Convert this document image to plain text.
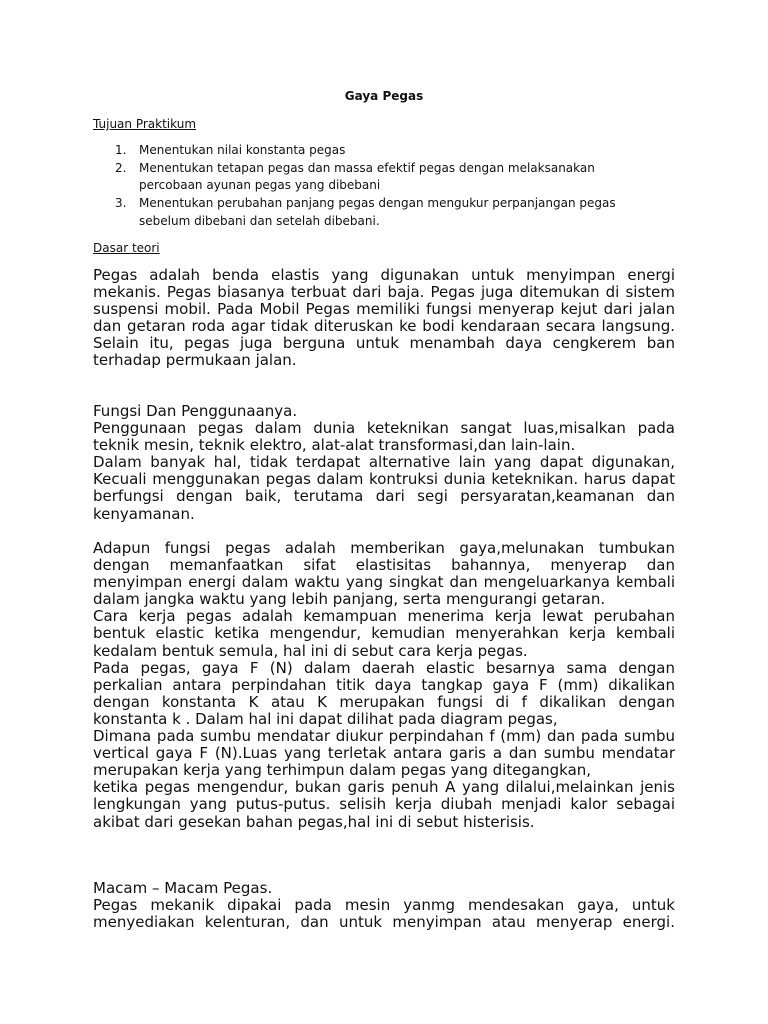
Gaya Pegas
Tujuan Praktikum
1. Menentukan nilai konstanta pegas
2. Menentukan tetapan pegas dan massa efektif pegas dengan melaksanakan percobaan ayunan pegas yang dibebani
3. Menentukan perubahan panjang pegas dengan mengukur perpanjangan pegas sebelum dibebani dan setelah dibebani.
Dasar teori

Pegas adalah benda elastis yang digunakan untuk menyimpan energi mekanis. Pegas biasanya terbuat dari baja. Pegas juga ditemukan di sistem suspensi mobil. Pada Mobil Pegas memiliki fungsi menyerap kejut dari jalan dan getaran roda agar tidak diteruskan ke bodi kendaraan secara langsung. Selain itu, pegas juga berguna untuk menambah daya cengkerem ban terhadap permukaan jalan.

Fungsi Dan Penggunaanya.
Penggunaan pegas dalam dunia keteknikan sangat luas,misalkan pada teknik mesin, teknik elektro, alat-alat transformasi,dan lain-lain.
Dalam banyak hal, tidak terdapat alternative lain yang dapat digunakan, Kecuali menggunakan pegas dalam kontruksi dunia keteknikan. harus dapat berfungsi dengan baik, terutama dari segi persyaratan,keamanan dan kenyamanan.

Adapun fungsi pegas adalah memberikan gaya,melunakan tumbukan dengan memanfaatkan sifat elastisitas bahannya, menyerap dan menyimpan energi dalam waktu yang singkat dan mengeluarkanya kembali dalam jangka waktu yang lebih panjang, serta mengurangi getaran.
Cara kerja pegas adalah kemampuan menerima kerja lewat perubahan bentuk elastic ketika mengendur, kemudian menyerahkan kerja kembali kedalam bentuk semula, hal ini di sebut cara kerja pegas.
Pada pegas, gaya F (N) dalam daerah elastic besarnya sama dengan perkalian antara perpindahan titik dayа tangkap gaya F (mm) dikalikan dengan konstanta K atau K merupakan fungsi di f dikalikan dengan konstanta k . Dalam hal ini dapat dilihat pada diagram pegas,
Dimana pada sumbu mendatar diukur perpindahan f (mm) dan pada sumbu vertical gaya F (N).Luas yang terletak antara garis a dan sumbu mendatar merupakan kerja yang terhimpun dalam pegas yang ditegangkan,
ketika pegas mengendur, bukan garis penuh A yang dilalui,melainkan jenis lengkungan yang putus-putus. selisih kerja diubah menjadi kalor sebagai akibat dari gesekan bahan pegas,hal ini di sebut histerisis.

Macam – Macam Pegas.

Pegas mekanik dipakai pada mesin yanmg mendesakan gaya, untuk menyediakan kelenturan, dan untuk menyimpan atau menyerap energi.
